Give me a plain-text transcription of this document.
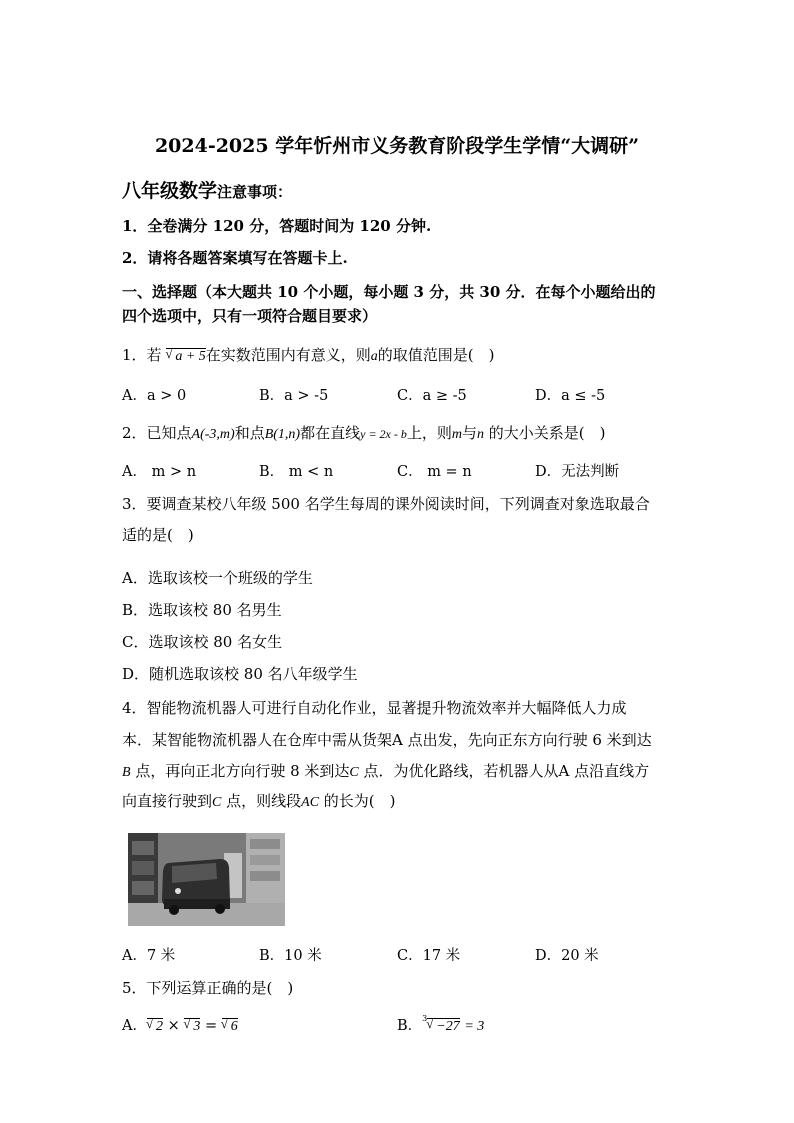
2024-2025 学年忻州市义务教育阶段学生学情“大调研”
八年级数学注意事项：
1．全卷满分 120 分，答题时间为 120 分钟.
2．请将各题答案填写在答题卡上.
一、选择题（本大题共 10 个小题，每小题 3 分，共 30 分．在每个小题给出的
四个选项中，只有一项符合题目要求）
1．若 √ a + 5在实数范围内有意义，则a的取值范围是(　)
A．a > 0	B．a > -5	C．a ≥ -5	D．a ≤ -5
2．已知点A(-3,m)和点B(1,n)都在直线y = 2x - b上，则m与n 的大小关系是(　)
A． m > n	B． m < n	C． m = n	D．无法判断
3．要调查某校八年级 500 名学生每周的课外阅读时间，下列调查对象选取最合
适的是(　)
A．选取该校一个班级的学生
B．选取该校 80 名男生
C．选取该校 80 名女生
D．随机选取该校 80 名八年级学生
4．智能物流机器人可进行自动化作业，显著提升物流效率并大幅降低人力成
本．某智能物流机器人在仓库中需从货架A 点出发，先向正东方向行驶 6 米到达
B 点，再向正北方向行驶 8 米到达C 点．为优化路线，若机器人从A 点沿直线方
向直接行驶到C 点，则线段AC 的长为(　)
A．7 米	B．10 米	C．17 米	D．20 米
5．下列运算正确的是(　)
A． √ 2 × √ 3 = √ 6	B．$^3$√ −27 = 3
